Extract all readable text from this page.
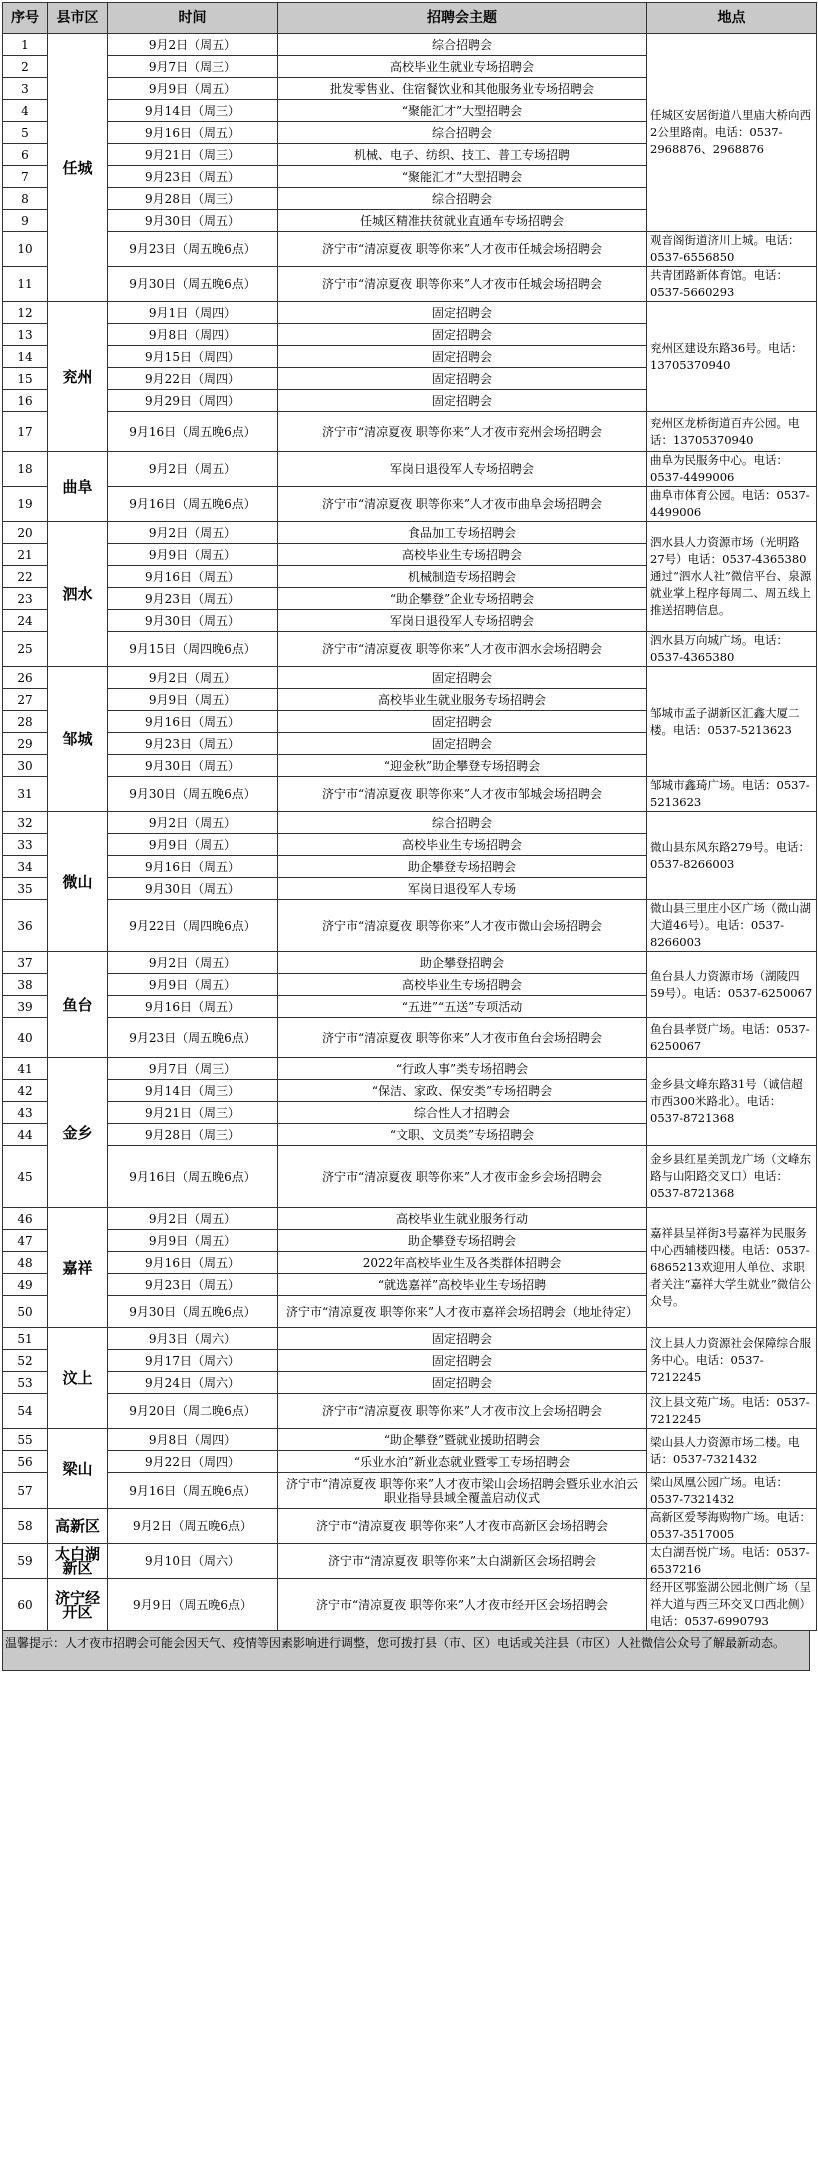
序号	县市区	时间	招聘会主题	地点
1	任城	9月2日（周五）	综合招聘会	任城区安居街道八里庙大桥向西2公里路南。电话：0537-2968876、2968876
2		9月7日（周三）	高校毕业生就业专场招聘会	
3		9月9日（周五）	批发零售业、住宿餐饮业和其他服务业专场招聘会	
4		9月14日（周三）	“聚能汇才”大型招聘会	
5		9月16日（周五）	综合招聘会	
6		9月21日（周三）	机械、电子、纺织、技工、普工专场招聘	
7		9月23日（周五）	“聚能汇才”大型招聘会	
8		9月28日（周三）	综合招聘会	
9		9月30日（周五）	任城区精准扶贫就业直通车专场招聘会	
10		9月23日（周五晚6点）	济宁市“清凉夏夜 职等你来”人才夜市任城会场招聘会	观音阁街道济川上城。电话：0537-6556850
11		9月30日（周五晚6点）	济宁市“清凉夏夜 职等你来”人才夜市任城会场招聘会	共青团路新体育馆。电话：0537-5660293
12	兖州	9月1日（周四）	固定招聘会	兖州区建设东路36号。电话：13705370940
13		9月8日（周四）	固定招聘会	
14		9月15日（周四）	固定招聘会	
15		9月22日（周四）	固定招聘会	
16		9月29日（周四）	固定招聘会	
17		9月16日（周五晚6点）	济宁市“清凉夏夜 职等你来”人才夜市兖州会场招聘会	兖州区龙桥街道百卉公园。电话：13705370940
18	曲阜	9月2日（周五）	军岗日退役军人专场招聘会	曲阜为民服务中心。电话：0537-4499006
19		9月16日（周五晚6点）	济宁市“清凉夏夜 职等你来”人才夜市曲阜会场招聘会	曲阜市体育公园。电话：0537-4499006
20	泗水	9月2日（周五）	食品加工专场招聘会	泗水县人力资源市场（光明路27号）电话：0537-4365380通过“泗水人社”微信平台、泉源就业掌上程序每周二、周五线上推送招聘信息。
21		9月9日（周五）	高校毕业生专场招聘会	
22		9月16日（周五）	机械制造专场招聘会	
23		9月23日（周五）	“助企攀登”企业专场招聘会	
24		9月30日（周五）	军岗日退役军人专场招聘会	
25		9月15日（周四晚6点）	济宁市“清凉夏夜 职等你来”人才夜市泗水会场招聘会	泗水县万向城广场。电话：0537-4365380
26	邹城	9月2日（周五）	固定招聘会	邹城市孟子湖新区汇鑫大厦二楼。电话：0537-5213623
27		9月9日（周五）	高校毕业生就业服务专场招聘会	
28		9月16日（周五）	固定招聘会	
29		9月23日（周五）	固定招聘会	
30		9月30日（周五）	“迎金秋”助企攀登专场招聘会	
31		9月30日（周五晚6点）	济宁市“清凉夏夜 职等你来”人才夜市邹城会场招聘会	邹城市鑫琦广场。电话：0537-5213623
32	微山	9月2日（周五）	综合招聘会	微山县东风东路279号。电话：0537-8266003
33		9月9日（周五）	高校毕业生专场招聘会	
34		9月16日（周五）	助企攀登专场招聘会	
35		9月30日（周五）	军岗日退役军人专场	
36		9月22日（周四晚6点）	济宁市“清凉夏夜 职等你来”人才夜市微山会场招聘会	微山县三里庄小区广场（微山湖大道46号）。电话：0537-8266003
37	鱼台	9月2日（周五）	助企攀登招聘会	鱼台县人力资源市场（湖陵四59号）。电话：0537-6250067
38		9月9日（周五）	高校毕业生专场招聘会	
39		9月16日（周五）	“五进”“五送”专项活动	
40		9月23日（周五晚6点）	济宁市“清凉夏夜 职等你来”人才夜市鱼台会场招聘会	鱼台县孝贤广场。电话：0537-6250067
41	金乡	9月7日（周三）	“行政人事”类专场招聘会	金乡县文峰东路31号（诚信超市西300米路北）。电话：0537-8721368
42		9月14日（周三）	“保洁、家政、保安类”专场招聘会	
43		9月21日（周三）	综合性人才招聘会	
44		9月28日（周三）	“文职、文员类”专场招聘会	
45		9月16日（周五晚6点）	济宁市“清凉夏夜 职等你来”人才夜市金乡会场招聘会	金乡县红星美凯龙广场（文峰东路与山阳路交叉口）电话：0537-8721368
46	嘉祥	9月2日（周五）	高校毕业生就业服务行动	嘉祥县呈祥街3号嘉祥为民服务中心西辅楼四楼。电话：0537-6865213欢迎用人单位、求职者关注“嘉祥大学生就业”微信公众号。
47		9月9日（周五）	助企攀登专场招聘会	
48		9月16日（周五）	2022年高校毕业生及各类群体招聘会	
49		9月23日（周五）	“就选嘉祥”高校毕业生专场招聘	
50		9月30日（周五晚6点）	济宁市“清凉夏夜 职等你来”人才夜市嘉祥会场招聘会（地址待定）	
51	汶上	9月3日（周六）	固定招聘会	汶上县人力资源社会保障综合服务中心。电话：0537-7212245
52		9月17日（周六）	固定招聘会	
53		9月24日（周六）	固定招聘会	
54		9月20日（周二晚6点）	济宁市“清凉夏夜 职等你来”人才夜市汶上会场招聘会	汶上县文苑广场。电话：0537-7212245
55	梁山	9月8日（周四）	“助企攀登”暨就业援助招聘会	梁山县人力资源市场二楼。电话：0537-7321432
56		9月22日（周四）	“乐业水泊”新业态就业暨零工专场招聘会	
57		9月16日（周五晚6点）	济宁市“清凉夏夜 职等你来”人才夜市梁山会场招聘会暨乐业水泊云职业指导县域全覆盖启动仪式	梁山凤凰公园广场。电话：0537-7321432
58	高新区	9月2日（周五晚6点）	济宁市“清凉夏夜 职等你来”人才夜市高新区会场招聘会	高新区爱琴海购物广场。电话：0537-3517005
59	太白湖新区	9月10日（周六）	济宁市“清凉夏夜 职等你来”太白湖新区会场招聘会	太白湖吾悦广场。电话：0537-6537216
60	济宁经开区	9月9日（周五晚6点）	济宁市“清凉夏夜 职等你来”人才夜市经开区会场招聘会	经开区鄂鉴湖公园北侧广场（呈祥大道与西三环交叉口西北侧）电话：0537-6990793
温馨提示：人才夜市招聘会可能会因天气、疫情等因素影响进行调整，您可拨打县（市、区）电话或关注县（市区）人社微信公众号了解最新动态。
